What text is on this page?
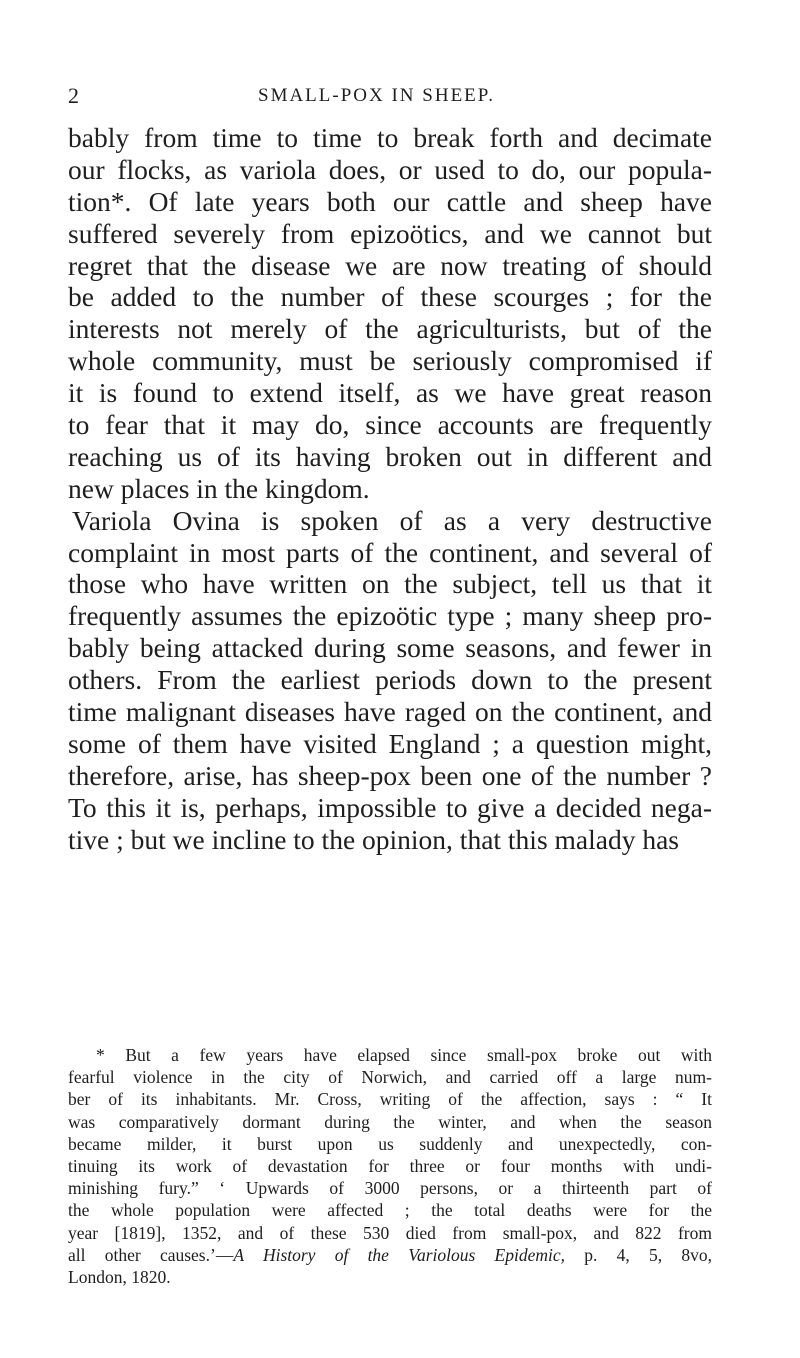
2	SMALL-POX IN SHEEP.
bably from time to time to break forth and decimate
our flocks, as variola does, or used to do, our popula-
tion*. Of late years both our cattle and sheep have
suffered severely from epizoötics, and we cannot but
regret that the disease we are now treating of should
be added to the number of these scourges ; for the
interests not merely of the agriculturists, but of the
whole community, must be seriously compromised if
it is found to extend itself, as we have great reason
to fear that it may do, since accounts are frequently
reaching us of its having broken out in different and
new places in the kingdom.
Variola Ovina is spoken of as a very destructive
complaint in most parts of the continent, and several of
those who have written on the subject, tell us that it
frequently assumes the epizoötic type ; many sheep pro-
bably being attacked during some seasons, and fewer in
others. From the earliest periods down to the present
time malignant diseases have raged on the continent, and
some of them have visited England ; a question might,
therefore, arise, has sheep-pox been one of the number ?
To this it is, perhaps, impossible to give a decided nega-
tive ; but we incline to the opinion, that this malady has
* But a few years have elapsed since small-pox broke out with
fearful violence in the city of Norwich, and carried off a large num-
ber of its inhabitants. Mr. Cross, writing of the affection, says : “ It
was comparatively dormant during the winter, and when the season
became milder, it burst upon us suddenly and unexpectedly, con-
tinuing its work of devastation for three or four months with undi-
minishing fury.” ‘ Upwards of 3000 persons, or a thirteenth part of
the whole population were affected ; the total deaths were for the
year [1819], 1352, and of these 530 died from small-pox, and 822 from
all other causes.’—A History of the Variolous Epidemic, p. 4, 5, 8vo,
London, 1820.
